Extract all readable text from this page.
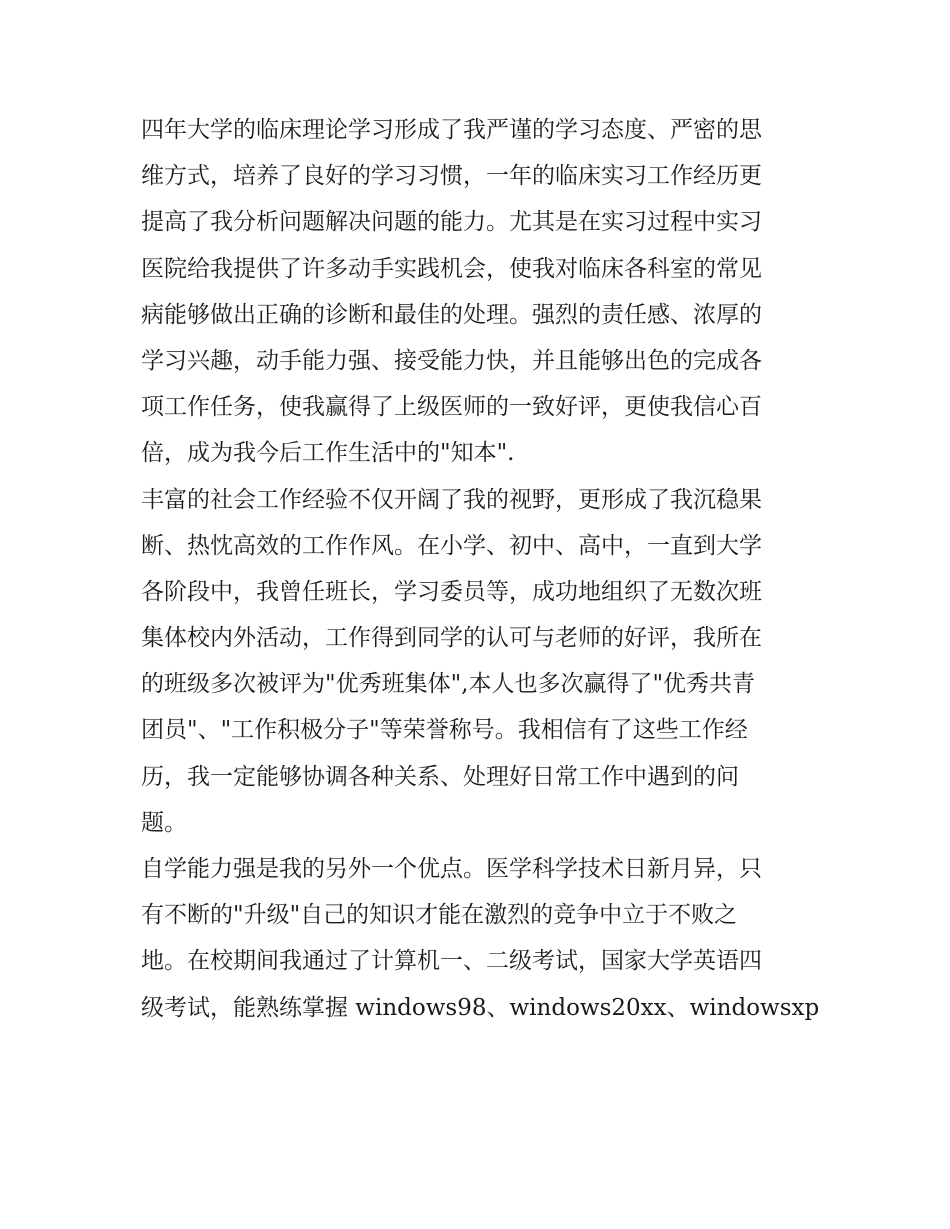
四年大学的临床理论学习形成了我严谨的学习态度、严密的思
维方式，培养了良好的学习习惯，一年的临床实习工作经历更
提高了我分析问题解决问题的能力。尤其是在实习过程中实习
医院给我提供了许多动手实践机会，使我对临床各科室的常见
病能够做出正确的诊断和最佳的处理。强烈的责任感、浓厚的
学习兴趣，动手能力强、接受能力快，并且能够出色的完成各
项工作任务，使我赢得了上级医师的一致好评，更使我信心百
倍，成为我今后工作生活中的"知本".
丰富的社会工作经验不仅开阔了我的视野，更形成了我沉稳果
断、热忱高效的工作作风。在小学、初中、高中，一直到大学
各阶段中，我曾任班长，学习委员等，成功地组织了无数次班
集体校内外活动，工作得到同学的认可与老师的好评，我所在
的班级多次被评为"优秀班集体",本人也多次赢得了"优秀共青
团员"、"工作积极分子"等荣誉称号。我相信有了这些工作经
历，我一定能够协调各种关系、处理好日常工作中遇到的问
题。
自学能力强是我的另外一个优点。医学科学技术日新月异，只
有不断的"升级"自己的知识才能在激烈的竞争中立于不败之
地。在校期间我通过了计算机一、二级考试，国家大学英语四
级考试，能熟练掌握 windows98、windows20xx、windowsxp
